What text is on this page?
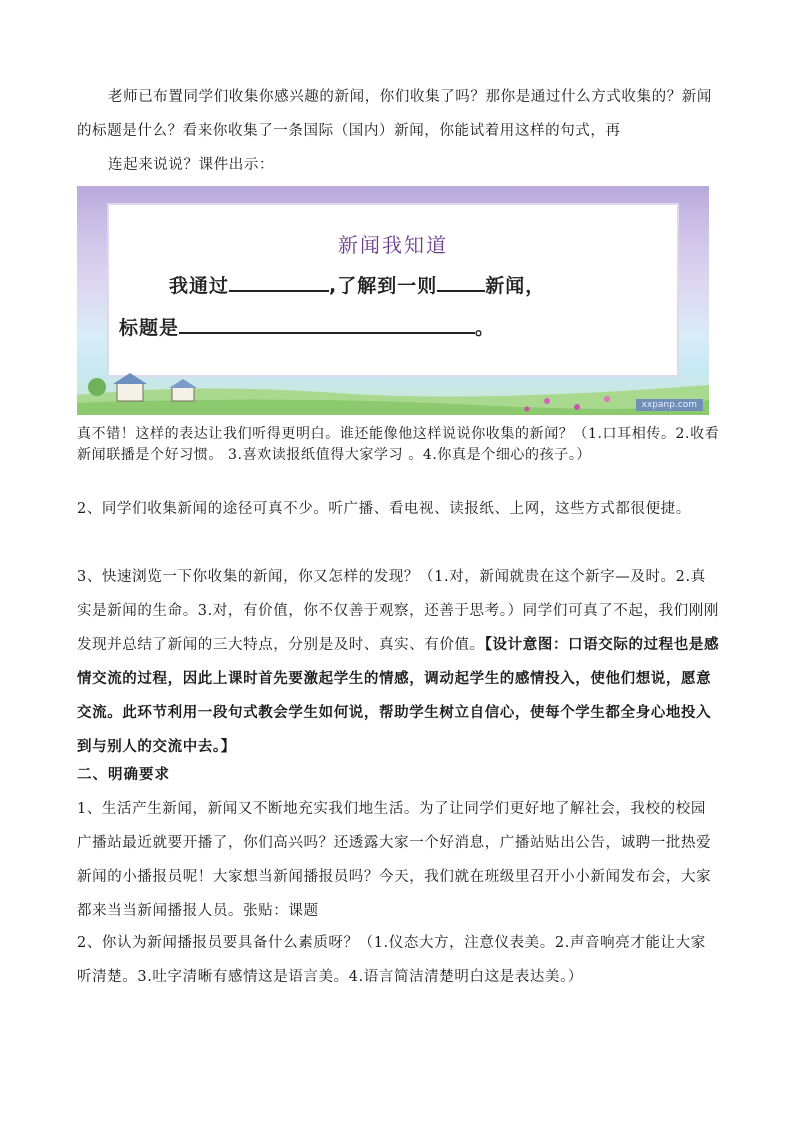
老师已布置同学们收集你感兴趣的新闻，你们收集了吗？那你是通过什么方式收集的？新闻的标题是什么？看来你收集了一条国际（国内）新闻，你能试着用这样的句式，再

连起来说说？课件出示：

新闻我知道
我通过	,了解到一则	新闻，
标题是	。
xxpanp.com

真不错！这样的表达让我们听得更明白。谁还能像他这样说说你收集的新闻？（1.口耳相传。2.收看新闻联播是个好习惯。 3.喜欢读报纸值得大家学习 。4.你真是个细心的孩子。）

2、同学们收集新闻的途径可真不少。听广播、看电视、读报纸、上网，这些方式都很便捷。

3、快速浏览一下你收集的新闻，你又怎样的发现？（1.对，新闻就贵在这个新字—及时。2.真实是新闻的生命。3.对，有价值，你不仅善于观察，还善于思考。）同学们可真了不起，我们刚刚发现并总结了新闻的三大特点，分别是及时、真实、有价值。【设计意图：口语交际的过程也是感情交流的过程，因此上课时首先要激起学生的情感，调动起学生的感情投入，使他们想说，愿意交流。此环节利用一段句式教会学生如何说，帮助学生树立自信心，使每个学生都全身心地投入到与别人的交流中去。】

二、明确要求

1、生活产生新闻，新闻又不断地充实我们地生活。为了让同学们更好地了解社会，我校的校园广播站最近就要开播了，你们高兴吗？还透露大家一个好消息，广播站贴出公告，诚聘一批热爱新闻的小播报员呢！大家想当新闻播报员吗？今天，我们就在班级里召开小小新闻发布会，大家都来当当新闻播报人员。张贴：课题

2、你认为新闻播报员要具备什么素质呀？（1.仪态大方，注意仪表美。2.声音响亮才能让大家听清楚。3.吐字清晰有感情这是语言美。4.语言简洁清楚明白这是表达美。）
